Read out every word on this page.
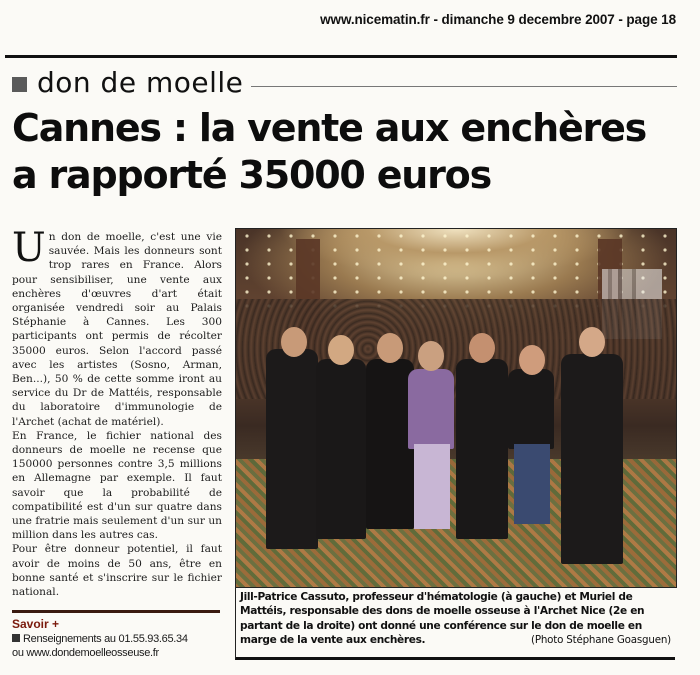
www.nicematin.fr - dimanche 9 decembre 2007 - page 18
don de moelle
Cannes : la vente aux enchères
a rapporté 35000 euros

Un don de moelle, c'est une vie sauvée. Mais les donneurs sont trop rares en France. Alors pour sensibiliser, une vente aux enchères d'œuvres d'art était organisée vendredi soir au Palais Stéphanie à Cannes. Les 300 participants ont permis de récolter 35000 euros. Selon l'accord passé avec les artistes (Sosno, Arman, Ben...), 50 % de cette somme iront au service du Dr de Mattéis, responsable du laboratoire d'immunologie de l'Archet (achat de matériel).

En France, le fichier national des donneurs de moelle ne recense que 150000 personnes contre 3,5 millions en Allemagne par exemple. Il faut savoir que la probabilité de compatibilité est d'un sur quatre dans une fratrie mais seulement d'un sur un million dans les autres cas.

Pour être donneur potentiel, il faut avoir de moins de 50 ans, être en bonne santé et s'inscrire sur le fichier national.

Savoir +
Renseignements au 01.55.93.65.34
ou www.dondemoelleosseuse.fr
Jill-Patrice Cassuto, professeur d'hématologie (à gauche) et Muriel de Mattéis, responsable des dons de moelle osseuse à l'Archet Nice (2e en partant de la droite) ont donné une conférence sur le don de moelle en marge de la vente aux enchères.	(Photo Stéphane Goasguen)
